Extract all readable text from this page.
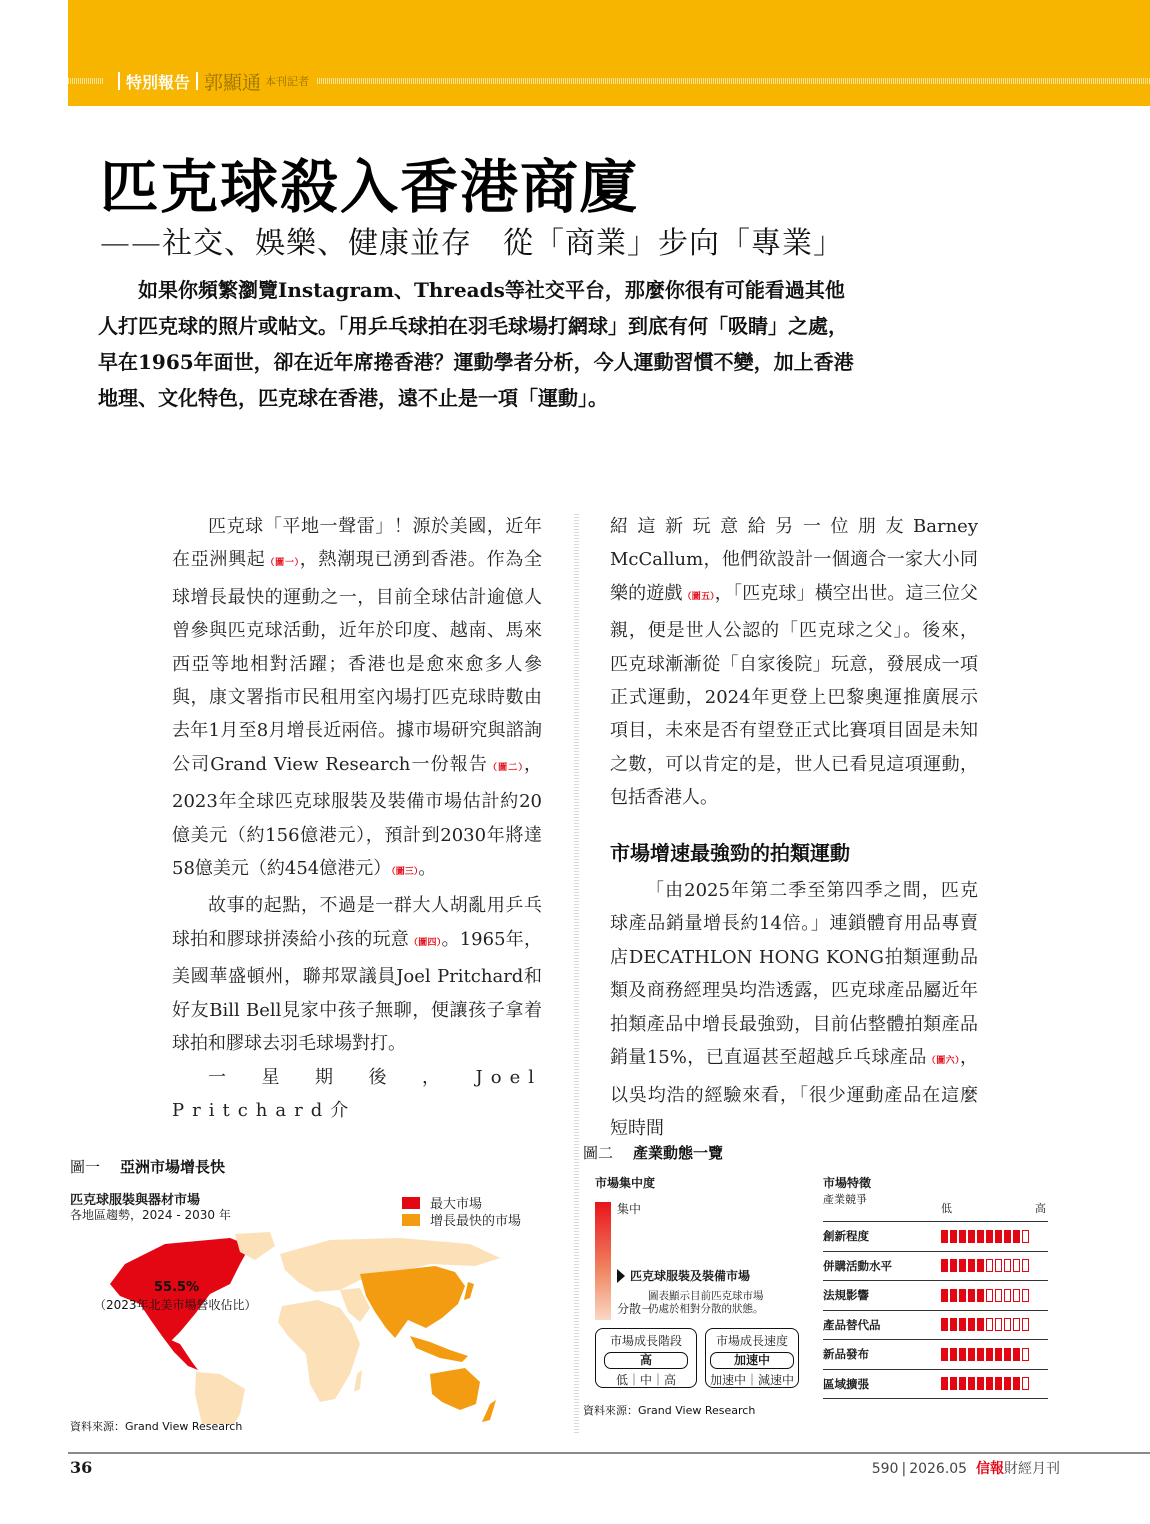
特別報告 郭顯通 本刊記者
匹克球殺入香港商廈
——社交、娛樂、健康並存　從「商業」步向「專業」

如果你頻繁瀏覽Instagram、Threads等社交平台，那麼你很有可能看過其他人打匹克球的照片或帖文。「用乒乓球拍在羽毛球場打網球」到底有何「吸睛」之處，早在1965年面世，卻在近年席捲香港？運動學者分析，今人運動習慣不變，加上香港地理、文化特色，匹克球在香港，遠不止是一項「運動」。

匹克球「平地一聲雷」！源於美國，近年在亞洲興起（圖一），熱潮現已湧到香港。作為全球增長最快的運動之一，目前全球估計逾億人曾參與匹克球活動，近年於印度、越南、馬來西亞等地相對活躍；香港也是愈來愈多人參與，康文署指市民租用室內場打匹克球時數由去年1月至8月增長近兩倍。據市場研究與諮詢公司Grand View Research一份報告（圖二），2023年全球匹克球服裝及裝備市場估計約20億美元（約156億港元），預計到2030年將達58億美元（約454億港元）（圖三）。

故事的起點，不過是一群大人胡亂用乒乓球拍和膠球拼湊給小孩的玩意（圖四）。1965年，美國華盛頓州，聯邦眾議員Joel Pritchard和好友Bill Bell見家中孩子無聊，便讓孩子拿着球拍和膠球去羽毛球場對打。

一星期後，Joel Pritchard介

紹這新玩意給另一位朋友Barney McCallum，他們欲設計一個適合一家大小同樂的遊戲（圖五），「匹克球」橫空出世。這三位父親，便是世人公認的「匹克球之父」。後來，匹克球漸漸從「自家後院」玩意，發展成一項正式運動，2024年更登上巴黎奧運推廣展示項目，未來是否有望登正式比賽項目固是未知之數，可以肯定的是，世人已看見這項運動，包括香港人。

市場增速最強勁的拍類運動

「由2025年第二季至第四季之間，匹克球產品銷量增長約14倍。」連鎖體育用品專賣店DECATHLON HONG KONG拍類運動品類及商務經理吳均浩透露，匹克球產品屬近年拍類產品中增長最強勁，目前佔整體拍類產品銷量15%，已直逼甚至超越乒乓球產品（圖六），以吳均浩的經驗來看，「很少運動產品在這麼短時間

圖一 亞洲市場增長快
匹克球服裝與器材市場
各地區趨勢，2024 - 2030 年
最大市場
增長最快的市場
55.5%
（2023年北美市場營收佔比）
資料來源：Grand View Research
圖二 產業動態一覽
市場集中度
集中
匹克球服裝及裝備市場
分散－
圖表顯示目前匹克球市場
仍處於相對分散的狀態。
市場成長階段
高
低｜中｜高
市場成長速度
加速中
加速中｜減速中
市場特徵
產業競爭
低	高
創新程度
併購活動水平
法規影響
產品替代品
新品發布
區域擴張
資料來源：Grand View Research
36	590 | 2026.05 信報財經月刊
